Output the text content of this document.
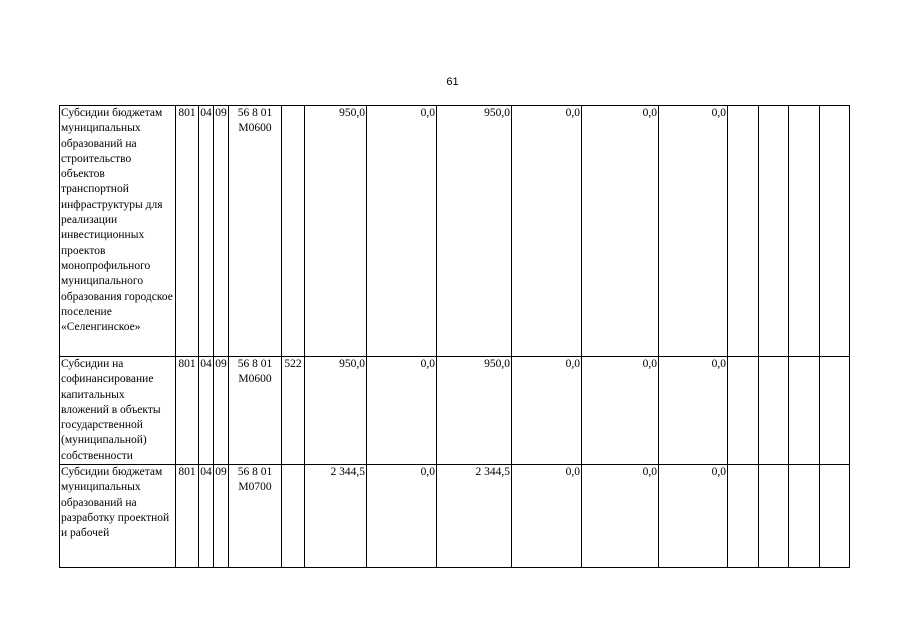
61
Субсидии бюджетам муниципальных образований на строительство объектов транспортной инфраструктуры для реализации инвестиционных проектов монопрофильного муниципального образования городское поселение «Селенгинское»	801	04	09	56 8 01 М0600		950,0	0,0	950,0	0,0	0,0	0,0				
Субсидии на софинансирование капитальных вложений в объекты государственной (муниципальной) собственности	801	04	09	56 8 01 М0600	522	950,0	0,0	950,0	0,0	0,0	0,0				
Субсидии бюджетам муниципальных образований на разработку проектной и рабочей	801	04	09	56 8 01 М0700		2 344,5	0,0	2 344,5	0,0	0,0	0,0				
